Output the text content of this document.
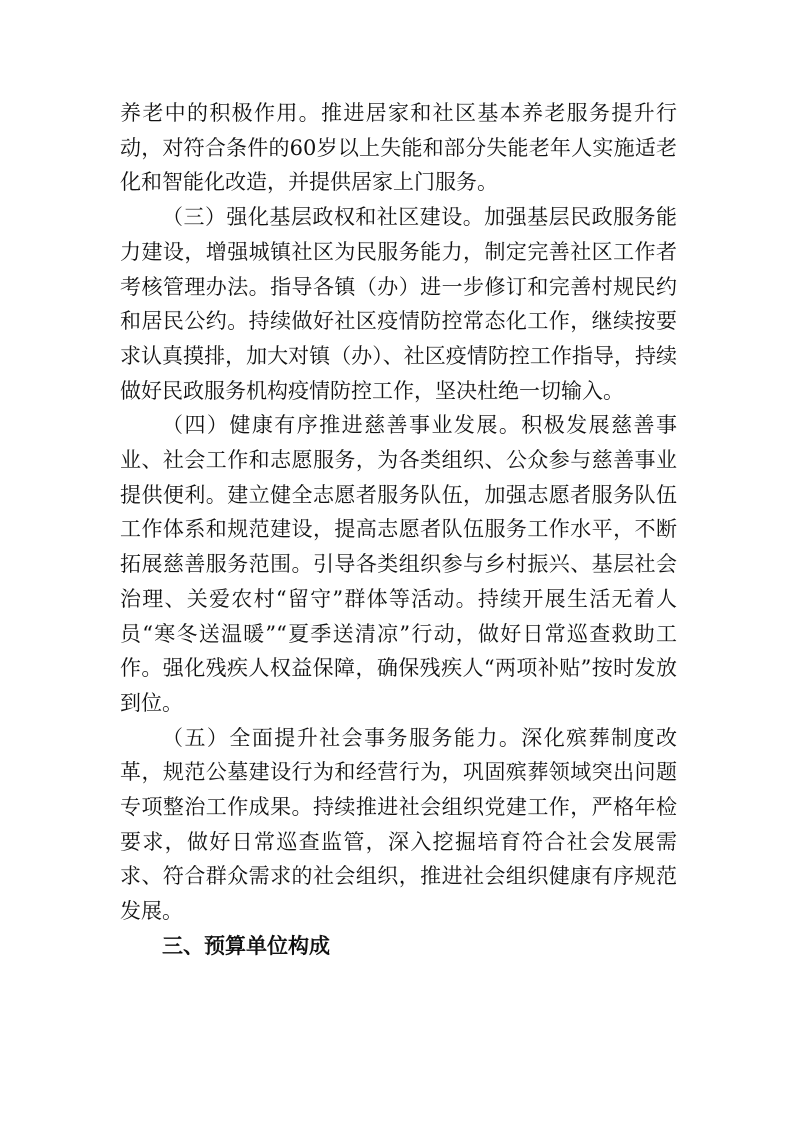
养老中的积极作用。推进居家和社区基本养老服务提升行动，对符合条件的60岁以上失能和部分失能老年人实施适老化和智能化改造，并提供居家上门服务。

（三）强化基层政权和社区建设。加强基层民政服务能力建设，增强城镇社区为民服务能力，制定完善社区工作者考核管理办法。指导各镇（办）进一步修订和完善村规民约和居民公约。持续做好社区疫情防控常态化工作，继续按要求认真摸排，加大对镇（办）、社区疫情防控工作指导，持续做好民政服务机构疫情防控工作，坚决杜绝一切输入。

（四）健康有序推进慈善事业发展。积极发展慈善事业、社会工作和志愿服务，为各类组织、公众参与慈善事业提供便利。建立健全志愿者服务队伍，加强志愿者服务队伍工作体系和规范建设，提高志愿者队伍服务工作水平，不断拓展慈善服务范围。引导各类组织参与乡村振兴、基层社会治理、关爱农村“留守”群体等活动。持续开展生活无着人员“寒冬送温暖”“夏季送清凉”行动，做好日常巡查救助工作。强化残疾人权益保障，确保残疾人“两项补贴”按时发放到位。

（五）全面提升社会事务服务能力。深化殡葬制度改革，规范公墓建设行为和经营行为，巩固殡葬领域突出问题专项整治工作成果。持续推进社会组织党建工作，严格年检要求，做好日常巡查监管，深入挖掘培育符合社会发展需求、符合群众需求的社会组织，推进社会组织健康有序规范发展。

三、预算单位构成
